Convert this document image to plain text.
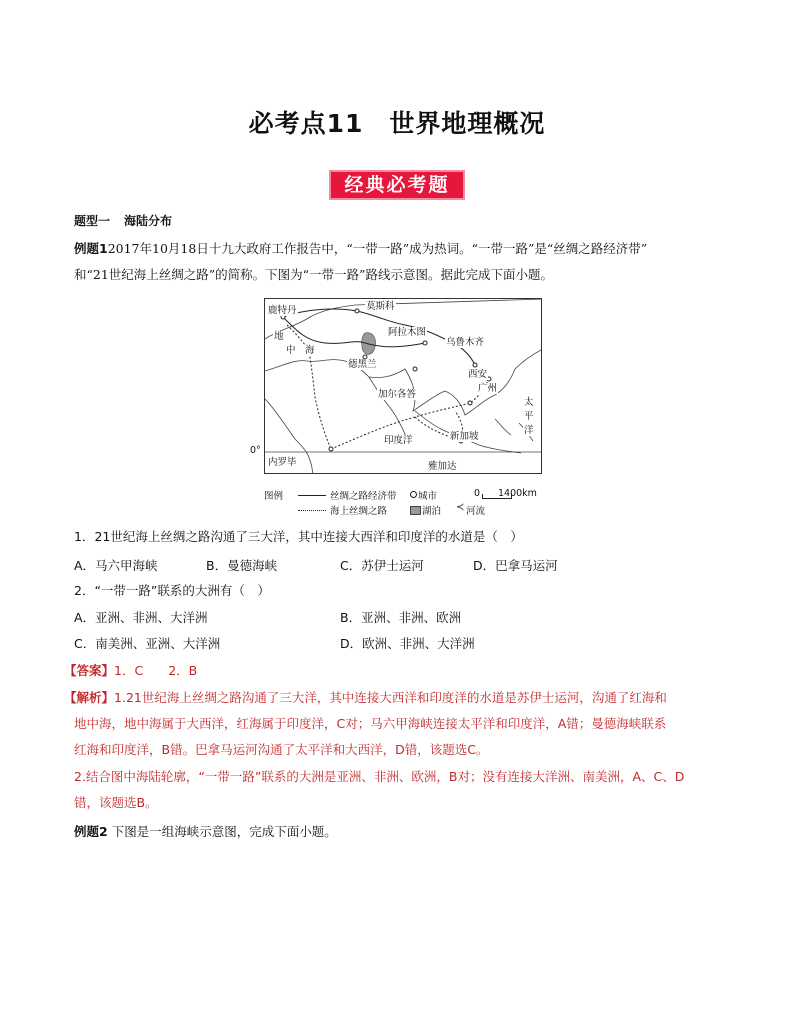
必考点11　世界地理概况
经典必考题
题型一 海陆分布
例题12017年10月18日十九大政府工作报告中，“一带一路”成为热词。“一带一路”是“丝绸之路经济带”
和“21世纪海上丝绸之路”的简称。下图为“一带一路”路线示意图。据此完成下面小题。
鹿特丹	莫斯科
地
中　海
阿拉木图
乌鲁木齐
德黑兰
西安
广州
加尔各答
太
平
洋
印度洋	新加坡
内罗毕	雅加达
0°
图例	丝绸之路经济带 城市	0 1400km
海上丝绸之路	湖泊 ≺ 河流
1．21世纪海上丝绸之路沟通了三大洋，其中连接大西洋和印度洋的水道是（　）
A．马六甲海峡	B．曼德海峡	C．苏伊士运河	D．巴拿马运河
2．“一带一路”联系的大洲有（　）
A．亚洲、非洲、大洋洲	B．亚洲、非洲、欧洲
C．南美洲、亚洲、大洋洲	D．欧洲、非洲、大洋洲
【答案】1．C　　2．B
【解析】1.21世纪海上丝绸之路沟通了三大洋，其中连接大西洋和印度洋的水道是苏伊士运河，沟通了红海和
地中海，地中海属于大西洋，红海属于印度洋，C对；马六甲海峡连接太平洋和印度洋，A错；曼德海峡联系
红海和印度洋，B错。巴拿马运河沟通了太平洋和大西洋，D错，该题选C。
2.结合图中海陆轮廓，“一带一路”联系的大洲是亚洲、非洲、欧洲，B对；没有连接大洋洲、南美洲，A、C、D
错，该题选B。
例题2 下图是一组海峡示意图，完成下面小题。
